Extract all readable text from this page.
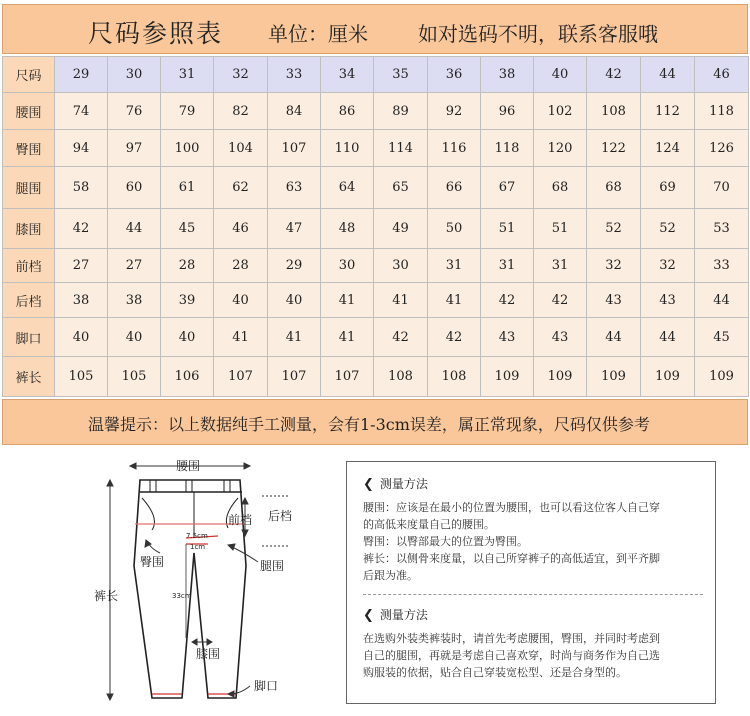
尺码参照表 单位：厘米	如对选码不明，联系客服哦
尺码	29	30	31	32	33	34	35	36	38	40	42	44	46
腰围	74	76	79	82	84	86	89	92	96	102	108	112	118
臀围	94	97	100	104	107	110	114	116	118	120	122	124	126
腿围	58	60	61	62	63	64	65	66	67	68	68	69	70
膝围	42	44	45	46	47	48	49	50	51	51	52	52	53
前档	27	27	28	28	29	30	30	31	31	31	32	32	33
后档	38	38	39	40	40	41	41	41	42	42	43	43	44
脚口	40	40	40	41	41	41	42	42	43	43	44	44	45
裤长	105	105	106	107	107	107	108	108	109	109	109	109	109
温馨提示：以上数据纯手工测量，会有1-3cm误差，属正常现象，尺码仅供参考
腰围
裤长
前档 后档
臀围	腿围
7.5cm
1cm
33cm
膝围
脚口
❮ 测量方法

腰围：应该是在最小的位置为腰围，也可以看这位客人自己穿

的高低来度量自己的腰围。

臀围：以臀部最大的位置为臀围。

裤长：以侧骨来度量，以自己所穿裤子的高低适宜，到平齐脚

后跟为准。

❮ 测量方法

在选购外装类裤装时，请首先考虑腰围，臀围，并同时考虑到

自己的腿围，再就是考虑自己喜欢穿，时尚与商务作为自己选

购服装的依据，贴合自己穿装宽松型、还是合身型的。
